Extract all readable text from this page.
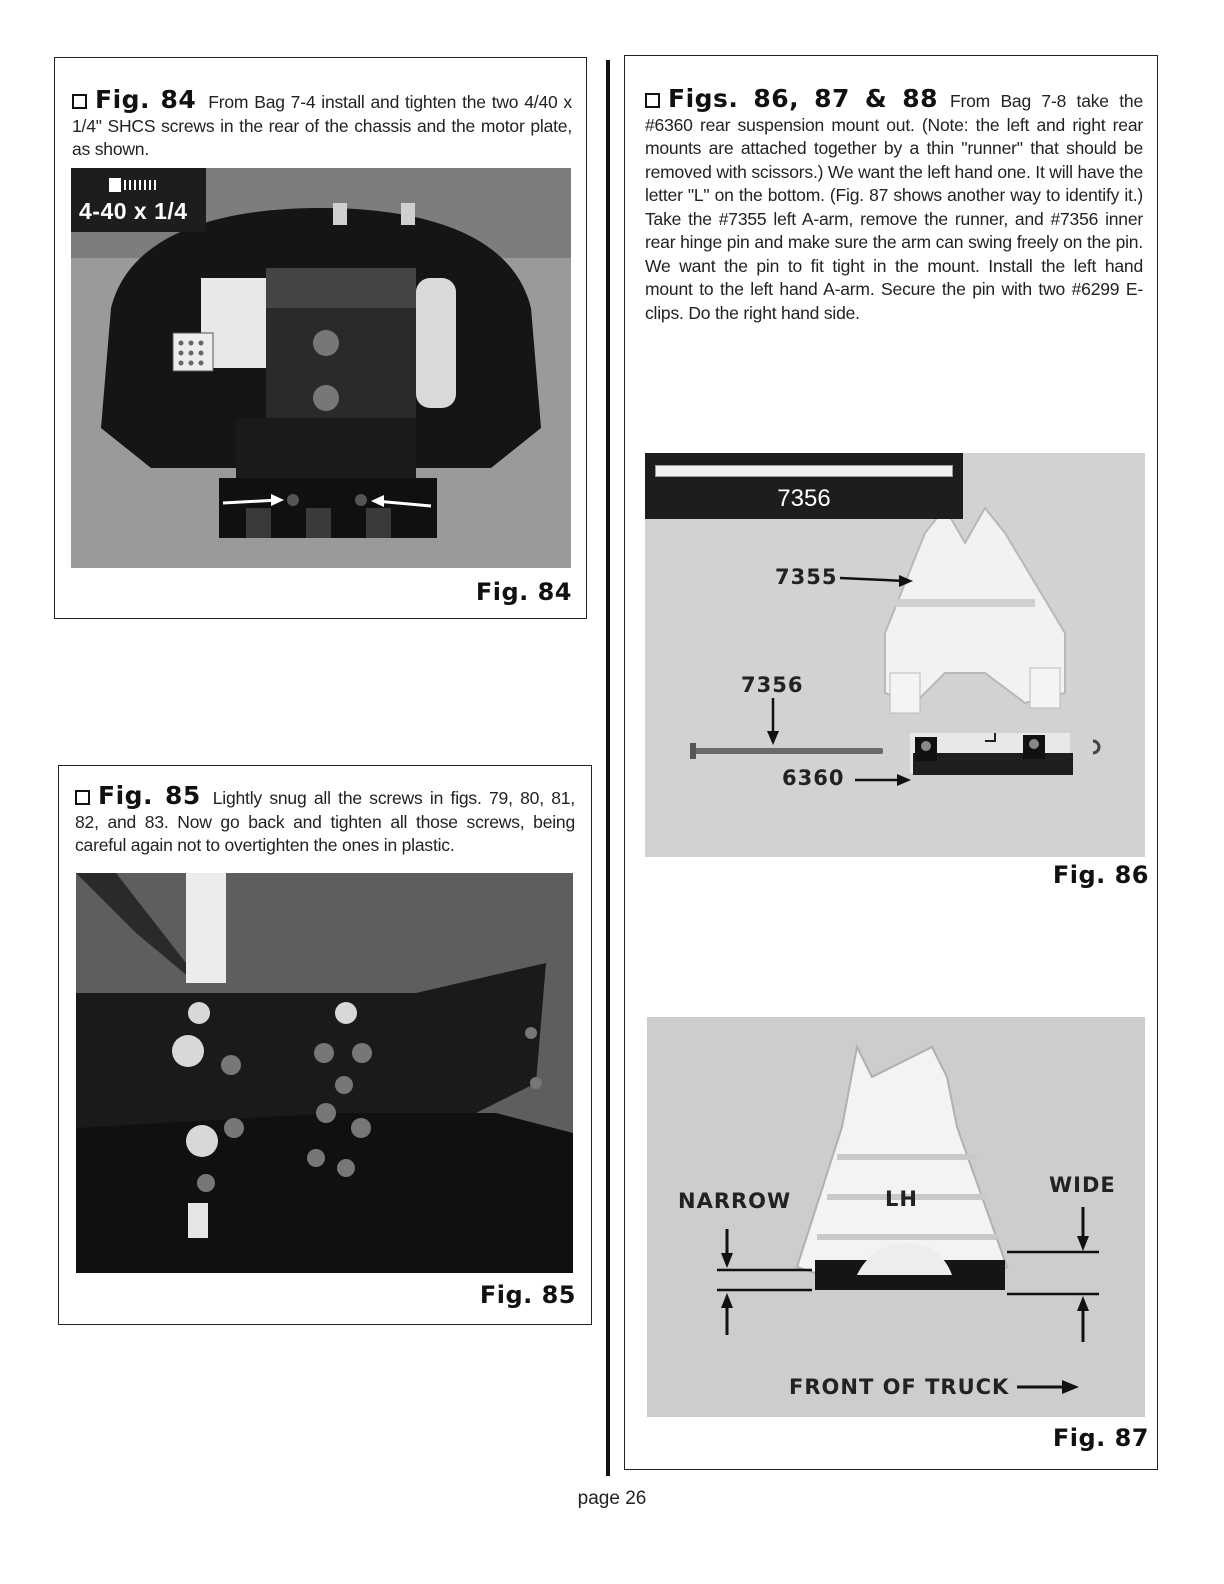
Fig. 84 From Bag 7-4 install and tighten the two 4/40 x 1/4" SHCS screws in the rear of the chassis and the motor plate, as shown.
4-40 x 1/4
Fig. 84
Fig. 85 Lightly snug all the screws in figs. 79, 80, 81, 82, and 83. Now go back and tighten all those screws, being careful again not to overtighten the ones in plastic.
Fig. 85
Figs. 86, 87 & 88 From Bag 7-8 take the #6360 rear suspension mount out. (Note: the left and right rear mounts are attached together by a thin "runner" that should be removed with scissors.) We want the left hand one. It will have the letter "L" on the bottom. (Fig. 87 shows another way to identify it.) Take the #7355 left A-arm, remove the runner, and #7356 inner rear hinge pin and make sure the arm can swing freely on the pin. We want the pin to fit tight in the mount. Install the left hand mount to the left hand A-arm. Secure the pin with two #6299 E-clips. Do the right hand side.
7356
7355
7356
6360
Fig. 86
NARROW	LH
WIDE
FRONT OF TRUCK
Fig. 87
page 26
